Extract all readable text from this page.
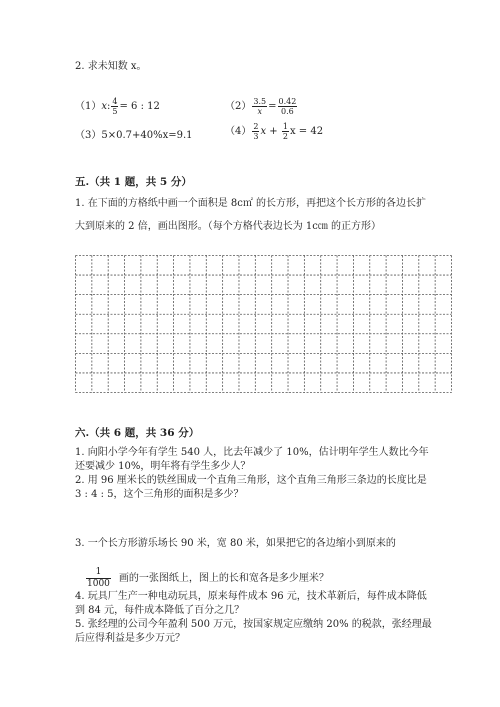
2. 求未知数 x。
（1）x: $\frac{4}{5} = 6$ : 12	$(2) \frac{3.5}{x} = \frac{0.42}{0.6}$
（3）5×0.7+40%x=9.1	$(4) \frac{2}{3}$ $x + \frac{1}{2}$ x = 42
五.（共 1 题，共 5 分）
1. 在下面的方格纸中画一个面积是 8c㎡ 的长方形，再把这个长方形的各边长扩
大到原来的 2 倍，画出图形。（每个方格代表边长为 1c㎝ 的正方形）
六.（共 6 题，共 36 分）
1. 向阳小学今年有学生 540 人，比去年减少了 10%，估计明年学生人数比今年
还要减少 10%，明年将有学生多少人？
2. 用 96 厘米长的铁丝围成一个直角三角形，这个直角三角形三条边的长度比是
3 : 4 : 5，这个三角形的面积是多少？
3. 一个长方形游乐场长 90 米，宽 80 米，如果把它的各边缩小到原来的
$\frac{1}{1000}$ 画的一张图纸上，图上的长和宽各是多少厘米？
4. 玩具厂生产一种电动玩具，原来每件成本 96 元，技术革新后，每件成本降低
到 84 元，每件成本降低了百分之几？
5. 张经理的公司今年盈利 500 万元，按国家规定应缴纳 20% 的税款，张经理最
后应得利益是多少万元？
